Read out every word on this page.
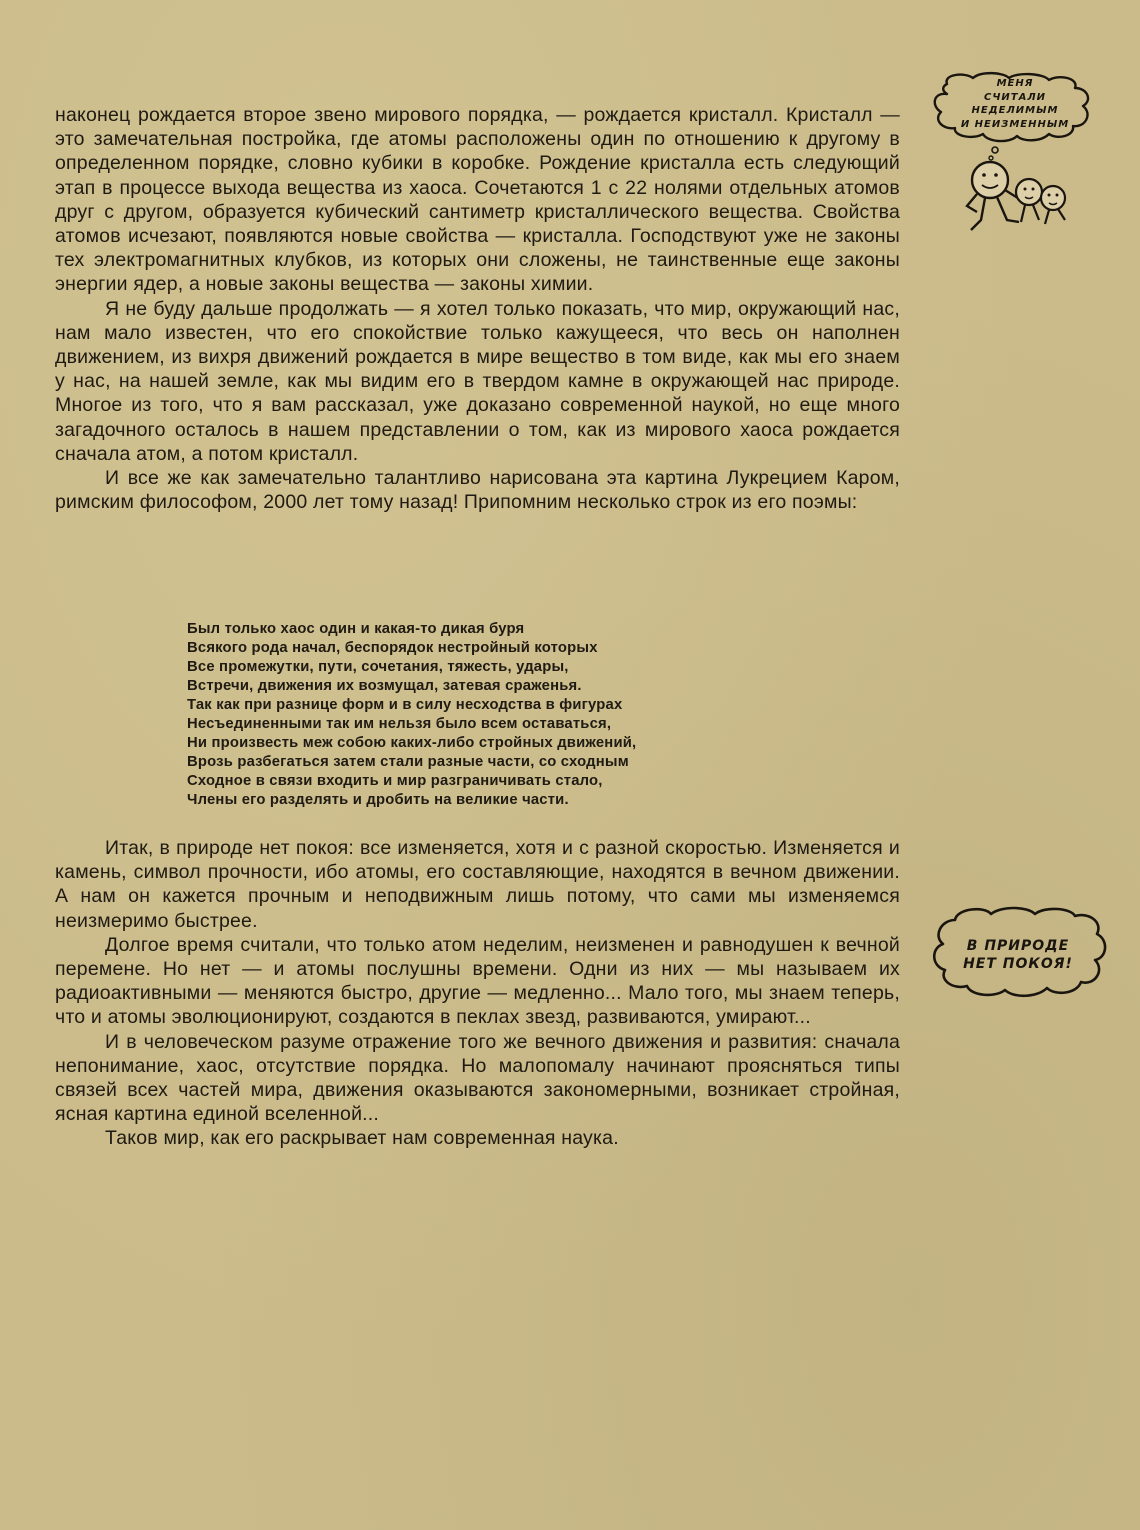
наконец рождается второе звено мирового порядка, — рождается кристалл. Кристалл — это замечательная постройка, где атомы расположены один по отношению к другому в определенном порядке, словно кубики в коробке. Рождение кристалла есть следующий этап в процессе выхода вещества из хаоса. Сочетаются 1 с 22 нолями отдельных атомов друг с другом, образуется кубический сантиметр кристаллического вещества. Свойства атомов исчезают, появляются новые свойства — кристалла. Господствуют уже не законы тех электромагнитных клубков, из которых они сложены, не таинственные еще законы энергии ядер, а новые законы вещества — законы химии.

Я не буду дальше продолжать — я хотел только показать, что мир, окружающий нас, нам мало известен, что его спокойствие только кажущееся, что весь он наполнен движением, из вихря движений рождается в мире вещество в том виде, как мы его знаем у нас, на нашей земле, как мы видим его в твердом камне в окружающей нас природе. Многое из того, что я вам рассказал, уже доказано современной наукой, но еще много загадочного осталось в нашем представлении о том, как из мирового хаоса рождается сначала атом, а потом кристалл.

И все же как замечательно талантливо нарисована эта картина Лукрецием Каром, римским философом, 2000 лет тому назад! Припомним несколько строк из его поэмы:

Был только хаос один и какая-то дикая буря
Всякого рода начал, беспорядок нестройный которых
Все промежутки, пути, сочетания, тяжесть, удары,
Встречи, движения их возмущал, затевая сраженья.
Так как при разнице форм и в силу несходства в фигурах
Несъединенными так им нельзя было всем оставаться,
Ни произвесть меж собою каких-либо стройных движений,
Врозь разбегаться затем стали разные части, со сходным
Сходное в связи входить и мир разграничивать стало,
Члены его разделять и дробить на великие части.

Итак, в природе нет покоя: все изменяется, хотя и с разной скоростью. Изменяется и камень, символ прочности, ибо атомы, его составляющие, находятся в вечном движении. А нам он кажется прочным и неподвижным лишь потому, что сами мы изменяемся неизмеримо быстрее.

Долгое время считали, что только атом неделим, неизменен и равнодушен к вечной перемене. Но нет — и атомы послушны времени. Одни из них — мы называем их радиоактивными — меняются быстро, другие — медленно... Мало того, мы знаем теперь, что и атомы эволюционируют, создаются в пеклах звезд, развиваются, умирают...

И в человеческом разуме отражение того же вечного движения и развития: сначала непонимание, хаос, отсутствие порядка. Но малопомалу начинают проясняться типы связей всех частей мира, движения оказываются закономерными, возникает стройная, ясная картина единой вселенной...

Таков мир, как его раскрывает нам современная наука.

МЕНЯ
СЧИТАЛИ
НЕДЕЛИМЫМ
И НЕИЗМЕННЫМ
В ПРИРОДЕ
НЕТ ПОКОЯ!
